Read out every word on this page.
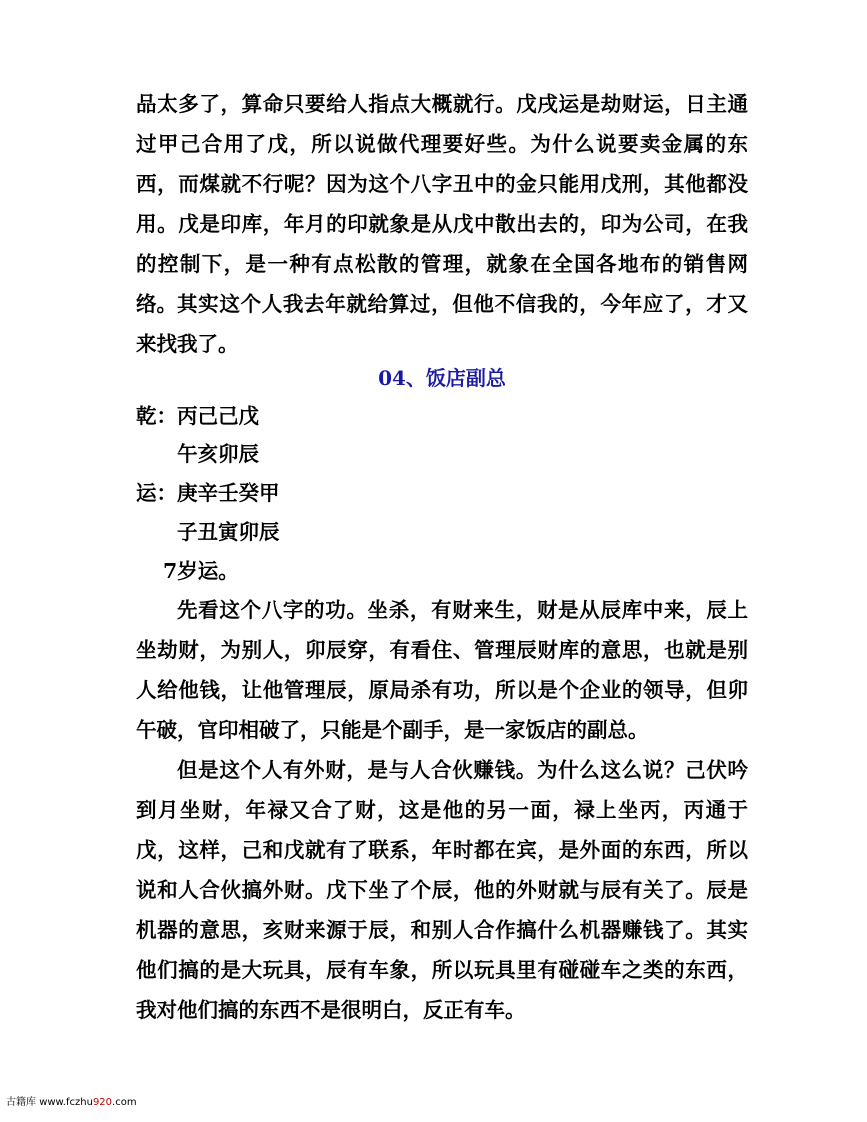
品太多了，算命只要给人指点大概就行。戊戌运是劫财运，日主通过甲己合用了戊，所以说做代理要好些。为什么说要卖金属的东西，而煤就不行呢？因为这个八字丑中的金只能用戊刑，其他都没用。戊是印库，年月的印就象是从戊中散出去的，印为公司，在我的控制下，是一种有点松散的管理，就象在全国各地布的销售网络。 其实这个人我去年就给算过，但他不信我的，今年应了，才又来找我了。

04、饭店副总

乾：丙己己戊
午亥卯辰
运：庚辛壬癸甲
子丑寅卯辰
7岁运。

先看这个八字的功。坐杀，有财来生，财是从辰库中来，辰上坐劫财，为别人，卯辰穿，有看住、管理辰财库的意思，也就是别人给他钱，让他管理辰，原局杀有功，所以是个企业的领导，但卯午破，官印相破了，只能是个副手，是一家饭店的副总。

但是这个人有外财，是与人合伙赚钱。为什么这么说？己伏吟到月坐财，年禄又合了财，这是他的另一面，禄上坐丙，丙通于戊，这样，己和戊就有了联系，年时都在宾，是外面的东西，所以说和人合伙搞外财。戊下坐了个辰，他的外财就与辰有关了。辰是机器的意思，亥财来源于辰，和别人合作搞什么机器赚钱了。其实他们搞的是大玩具，辰有车象，所以玩具里有碰碰车之类的东西，我对他们搞的东西不是很明白，反正有车。

古籍库 www.fczhu920.com
